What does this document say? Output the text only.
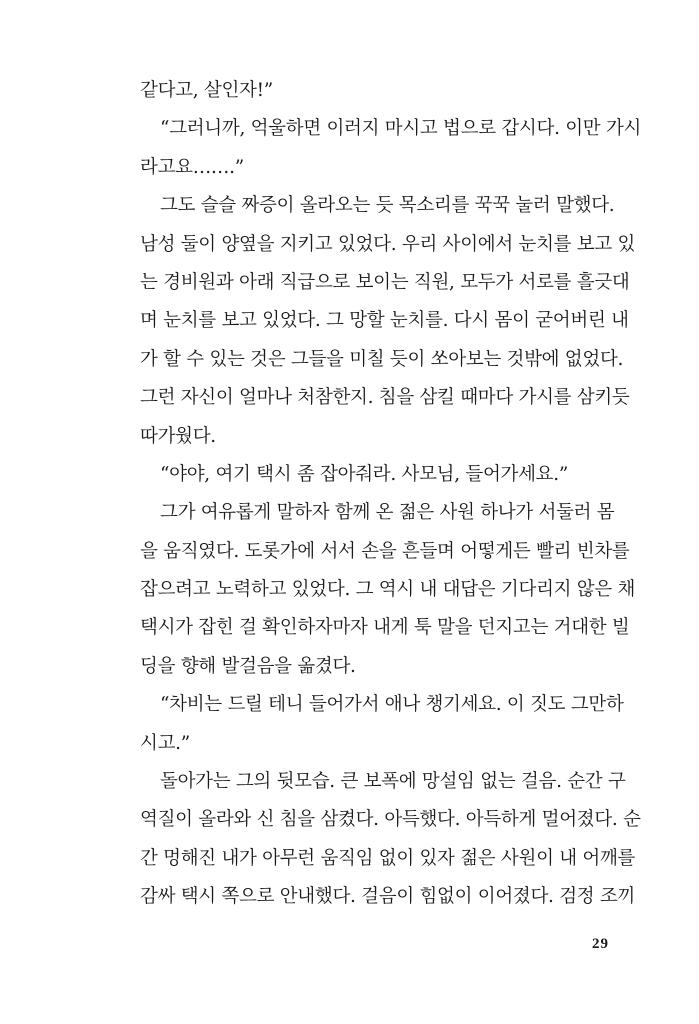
같다고, 살인자!”
“그러니까, 억울하면 이러지 마시고 법으로 갑시다. 이만 가시
라고요…….”
그도 슬슬 짜증이 올라오는 듯 목소리를 꾹꾹 눌러 말했다.
남성 둘이 양옆을 지키고 있었다. 우리 사이에서 눈치를 보고 있
는 경비원과 아래 직급으로 보이는 직원, 모두가 서로를 흘긋대
며 눈치를 보고 있었다. 그 망할 눈치를. 다시 몸이 굳어버린 내
가 할 수 있는 것은 그들을 미칠 듯이 쏘아보는 것밖에 없었다.
그런 자신이 얼마나 처참한지. 침을 삼킬 때마다 가시를 삼키듯
따가웠다.
“야야, 여기 택시 좀 잡아줘라. 사모님, 들어가세요.”
그가 여유롭게 말하자 함께 온 젊은 사원 하나가 서둘러 몸
을 움직였다. 도롯가에 서서 손을 흔들며 어떻게든 빨리 빈차를
잡으려고 노력하고 있었다. 그 역시 내 대답은 기다리지 않은 채
택시가 잡힌 걸 확인하자마자 내게 툭 말을 던지고는 거대한 빌
딩을 향해 발걸음을 옮겼다.
“차비는 드릴 테니 들어가서 애나 챙기세요. 이 짓도 그만하
시고.”
돌아가는 그의 뒷모습. 큰 보폭에 망설임 없는 걸음. 순간 구
역질이 올라와 신 침을 삼켰다. 아득했다. 아득하게 멀어졌다. 순
간 멍해진 내가 아무런 움직임 없이 있자 젊은 사원이 내 어깨를
감싸 택시 쪽으로 안내했다. 걸음이 힘없이 이어졌다. 검정 조끼
29
